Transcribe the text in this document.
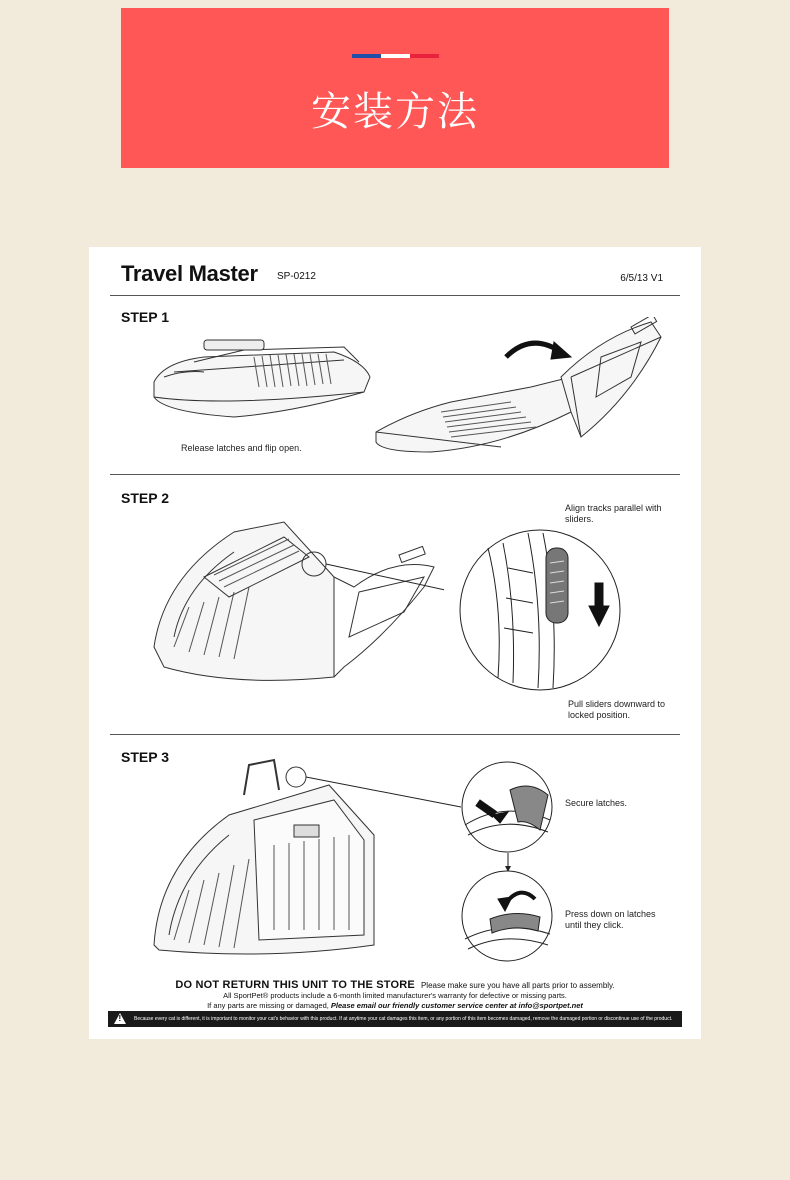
安装方法
Travel Master SP-0212	6/5/13 V1
STEP 1
Release latches and flip open.
STEP 2
Align tracks parallel with sliders.
Pull sliders downward to locked position.
STEP 3
Secure latches.
Press down on latches until they click.
DO NOT RETURN THIS UNIT TO THE STORE Please make sure you have all parts prior to assembly.
All SportPet® products include a 6-month limited manufacturer's warranty for defective or missing parts.
If any parts are missing or damaged, Please email our friendly customer service center at info@sportpet.net
!
Because every cat is different, it is important to monitor your cat's behavior with this product. If at anytime your cat damages this item, or any portion of this item becomes damaged, remove the damaged portion or discontinue use of the product.
